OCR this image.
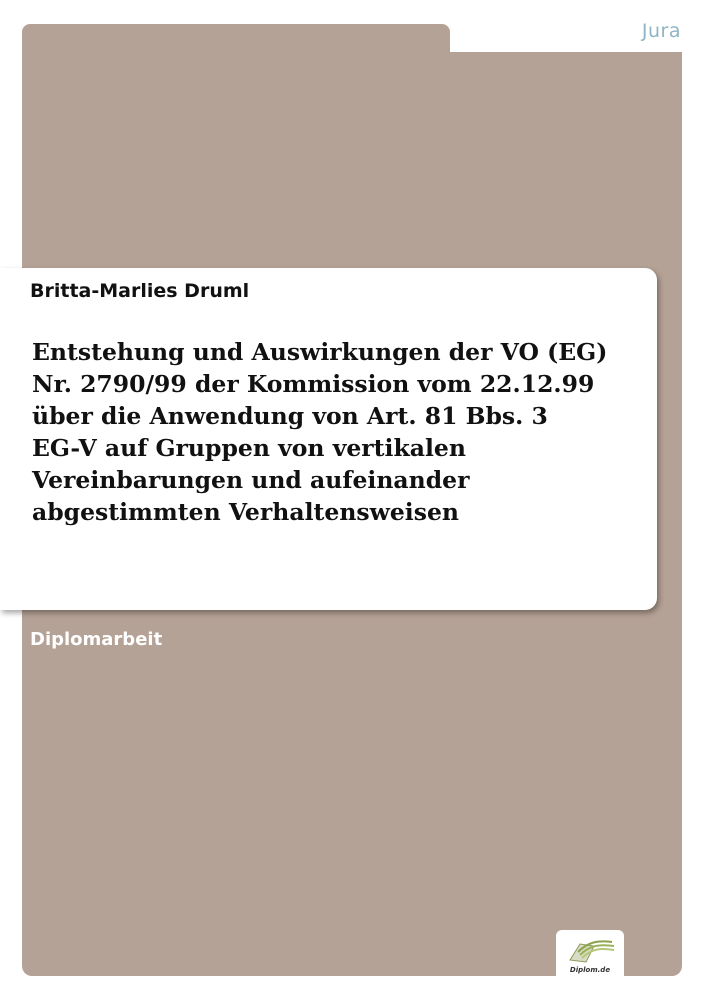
Jura
Britta-Marlies Druml
Entstehung und Auswirkungen der VO (EG)
Nr. 2790/99 der Kommission vom 22.12.99
über die Anwendung von Art. 81 Bbs. 3
EG-V auf Gruppen von vertikalen
Vereinbarungen und aufeinander
abgestimmten Verhaltensweisen
Diplomarbeit
Diplom.de
